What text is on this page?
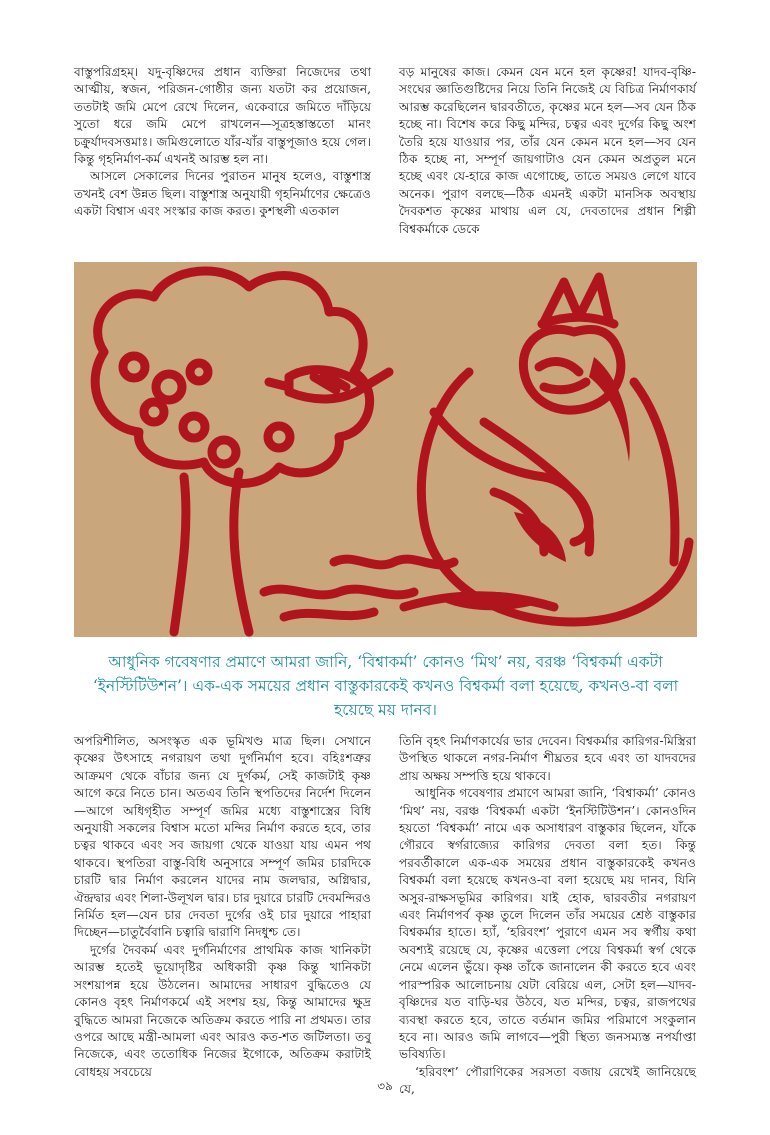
বাস্তুপরিগ্রহম্। যদু-বৃষ্ণিদের প্রধান ব্যক্তিরা নিজেদের তথা আত্মীয়, স্বজন, পরিজন-গোষ্ঠীর জন্য যতটা কর প্রয়োজন, ততটাই জমি মেপে রেখে দিলেন, একেবারে জমিতে দাঁড়িয়ে সুতো ধরে জমি মেপে রাখলেন—সূত্রহস্তাস্ততো মানং চক্রুর্যাদবসত্তমাঃ। জমিগুলোতে যাঁর-যাঁর বাস্তুপূজাও হয়ে গেল। কিন্তু গৃহনির্মাণ-কর্ম এখনই আরম্ভ হল না।

আসলে সেকালের দিনের পুরাতন মানুষ হলেও, বাস্তুশাস্ত্র তখনই বেশ উন্নত ছিল। বাস্তুশাস্ত্র অনুযায়ী গৃহনির্মাণের ক্ষেত্রেও একটা বিশ্বাস এবং সংস্কার কাজ করত। কুশস্থলী এতকাল

বড় মানুষের কাজ। কেমন যেন মনে হল কৃষ্ণের! যাদব-বৃষ্ণি-সংঘের জ্ঞাতিগুষ্টিদের নিয়ে তিনি নিজেই যে বিচিত্র নির্মাণকার্য আরম্ভ করেছিলেন দ্বারবতীতে, কৃষ্ণের মনে হল—সব যেন ঠিক হচ্ছে না। বিশেষ করে কিছু মন্দির, চত্বর এবং দুর্গের কিছু অংশ তৈরি হয়ে যাওয়ার পর, তাঁর যেন কেমন মনে হল—সব যেন ঠিক হচ্ছে না, সম্পূর্ণ জায়গাটাও যেন কেমন অপ্রতুল মনে হচ্ছে এবং যে-হারে কাজ এগোচ্ছে, তাতে সময়ও লেগে যাবে অনেক। পুরাণ বলছে—ঠিক এমনই একটা মানসিক অবস্থায় দৈবকশত কৃষ্ণের মাথায় এল যে, দেবতাদের প্রধান শিল্পী বিশ্বকর্মাকে ডেকে

আধুনিক গবেষণার প্রমাণে আমরা জানি, ‘বিশ্বাকর্মা’ কোনও ‘মিথ’ নয়, বরঞ্চ ‘বিশ্বকর্মা একটা ‘ইনস্টিটিউশন’। এক-এক সময়ের প্রধান বাস্তুকারকেই কখনও বিশ্বকর্মা বলা হয়েছে, কখনও-বা বলা হয়েছে ময় দানব।

অপরিশীলিত, অসংস্কৃত এক ভূমিখণ্ড মাত্র ছিল। সেখানে কৃষ্ণের উৎসাহে নগরায়ণ তথা দুর্গনির্মাণ হবে। বহিঃশত্রুর আক্রমণ থেকে বাঁচার জন্য যে দুর্গকর্ম, সেই কাজটাই কৃষ্ণ আগে করে নিতে চান। অতএব তিনি স্থপতিদের নির্দেশ দিলেন—আগে অধিগৃহীত সম্পূর্ণ জমির মধ্যে বাস্তুশাস্ত্রের বিধি অনুযায়ী সকলের বিশ্বাস মতো মন্দির নির্মাণ করতে হবে, তার চত্বর থাকবে এবং সব জায়গা থেকে যাওয়া যায় এমন পথ থাকবে। স্থপতিরা বাস্তু-বিধি অনুসারে সম্পূর্ণ জমির চারদিকে চারটি দ্বার নির্মাণ করলেন যাদের নাম জলদ্বার, অগ্নিদ্বার, ঐন্দ্রদ্বার এবং শিলা-উলূখল দ্বার। চার দুয়ারে চারটি দেবমন্দিরও নির্মিত হল—যেন চার দেবতা দুর্গের ওই চার দুয়ারে পাহারা দিচ্ছেন—চাতুর্বৈবানি চত্বারি দ্বারাণি নিদধুশ্চ তে।

দুর্গের দৈবকর্ম এবং দুর্গনির্মাণের প্রাথমিক কাজ খানিকটা আরম্ভ হতেই ভূয়োদৃষ্টির অধিকারী কৃষ্ণ কিন্তু খানিকটা সংশয়াপন্ন হয়ে উঠলেন। আমাদের সাধারণ বুদ্ধিতেও যে কোনও বৃহৎ নির্মাণকর্মে এই সংশয় হয়, কিন্তু আমাদের ক্ষুদ্র বুদ্ধিতে আমরা নিজেকে অতিক্রম করতে পারি না প্রথমত। তার ওপরে আছে মন্ত্রী-আমলা এবং আরও কত-শত জটিলতা। তবু নিজেকে, এবং ততোধিক নিজের ইগোকে, অতিক্রম করাটাই বোধহয় সবচেয়ে

তিনি বৃহৎ নির্মাণকার্যের ভার দেবেন। বিশ্বকর্মার কারিগর-মিস্ত্রিরা উপস্থিত থাকলে নগর-নির্মাণ শীঘ্রতর হবে এবং তা যাদবদের প্রায় অক্ষয় সম্পত্তি হয়ে থাকবে।

আধুনিক গবেষণার প্রমাণে আমরা জানি, ‘বিশ্বাকর্মা’ কোনও ‘মিথ’ নয়, বরঞ্চ ‘বিশ্বকর্মা একটা ‘ইনস্টিটিউশন’। কোনওদিন হয়তো ‘বিশ্বকর্মা’ নামে এক অসাধারণ বাস্তুকার ছিলেন, যাঁকে গৌরবে স্বর্গরাজ্যের কারিগর দেবতা বলা হত। কিন্তু পরবর্তীকালে এক-এক সময়ের প্রধান বাস্তুকারকেই কখনও বিশ্বকর্মা বলা হয়েছে কখনও-বা বলা হয়েছে ময় দানব, যিনি অসুর-রাক্ষসভূমির কারিগর। যাই হোক, দ্বারবতীর নগরায়ণ এবং নির্মাণপর্ব কৃষ্ণ তুলে দিলেন তাঁর সময়ের শ্রেষ্ঠ বাস্তুকার বিশ্বকর্মার হাতে। হ্যাঁ, ‘হরিবংশ’ পুরাণে এমন সব স্বর্গীয় কথা অবশ্যই রয়েছে যে, কৃষ্ণের এত্তেলা পেয়ে বিশ্বকর্মা স্বর্গ থেকে নেমে এলেন ভুঁয়ে। কৃষ্ণ তাঁকে জানালেন কী করতে হবে এবং পারস্পরিক আলোচনায় যেটা বেরিয়ে এল, সেটা হল—যাদব-বৃষ্ণিদের যত বাড়ি-ঘর উঠবে, যত মন্দির, চত্বর, রাজপথের ব্যবস্থা করতে হবে, তাতে বর্তমান জমির পরিমাণে সংকুলান হবে না। আরও জমি লাগবে—পুরী স্থিত্য জনসম্যস্ত নপর্যাপ্তা ভবিষ্যতি।

‘হরিবংশ’ পৌরাণিকের সরসতা বজায় রেখেই জানিয়েছে যে,

৩৯
